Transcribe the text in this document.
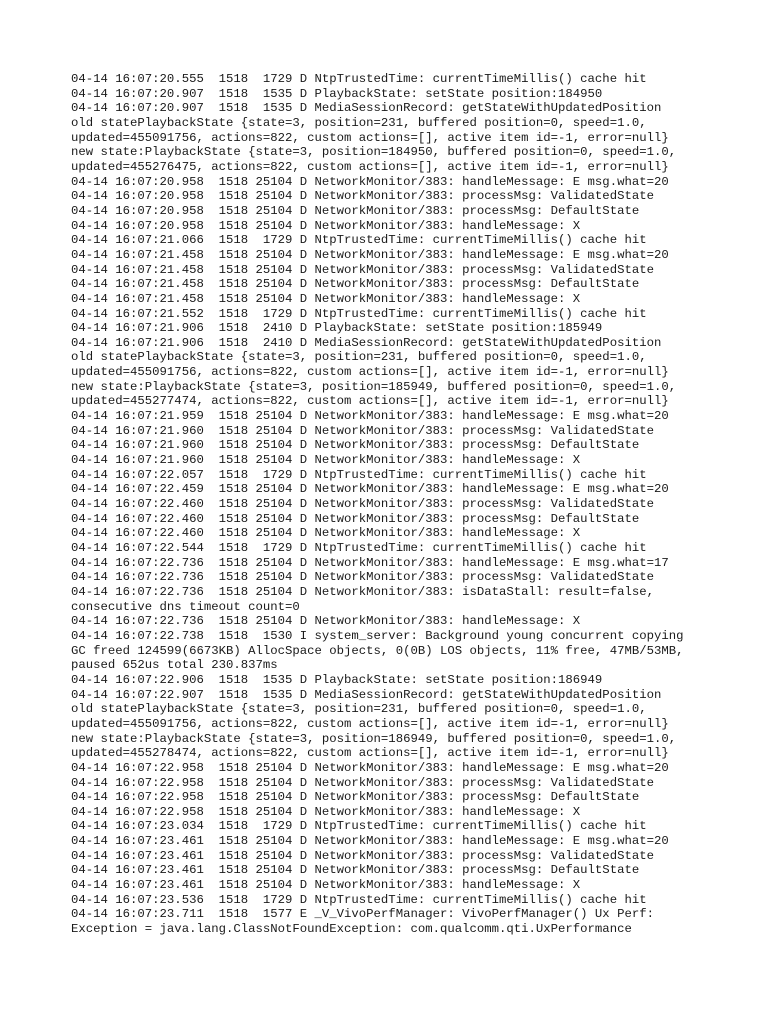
04-14 16:07:20.555  1518  1729 D NtpTrustedTime: currentTimeMillis() cache hit
04-14 16:07:20.907  1518  1535 D PlaybackState: setState position:184950
04-14 16:07:20.907  1518  1535 D MediaSessionRecord: getStateWithUpdatedPosition
old statePlaybackState {state=3, position=231, buffered position=0, speed=1.0,
updated=455091756, actions=822, custom actions=[], active item id=-1, error=null}
new state:PlaybackState {state=3, position=184950, buffered position=0, speed=1.0,
updated=455276475, actions=822, custom actions=[], active item id=-1, error=null}
04-14 16:07:20.958  1518 25104 D NetworkMonitor/383: handleMessage: E msg.what=20
04-14 16:07:20.958  1518 25104 D NetworkMonitor/383: processMsg: ValidatedState
04-14 16:07:20.958  1518 25104 D NetworkMonitor/383: processMsg: DefaultState
04-14 16:07:20.958  1518 25104 D NetworkMonitor/383: handleMessage: X
04-14 16:07:21.066  1518  1729 D NtpTrustedTime: currentTimeMillis() cache hit
04-14 16:07:21.458  1518 25104 D NetworkMonitor/383: handleMessage: E msg.what=20
04-14 16:07:21.458  1518 25104 D NetworkMonitor/383: processMsg: ValidatedState
04-14 16:07:21.458  1518 25104 D NetworkMonitor/383: processMsg: DefaultState
04-14 16:07:21.458  1518 25104 D NetworkMonitor/383: handleMessage: X
04-14 16:07:21.552  1518  1729 D NtpTrustedTime: currentTimeMillis() cache hit
04-14 16:07:21.906  1518  2410 D PlaybackState: setState position:185949
04-14 16:07:21.906  1518  2410 D MediaSessionRecord: getStateWithUpdatedPosition
old statePlaybackState {state=3, position=231, buffered position=0, speed=1.0,
updated=455091756, actions=822, custom actions=[], active item id=-1, error=null}
new state:PlaybackState {state=3, position=185949, buffered position=0, speed=1.0,
updated=455277474, actions=822, custom actions=[], active item id=-1, error=null}
04-14 16:07:21.959  1518 25104 D NetworkMonitor/383: handleMessage: E msg.what=20
04-14 16:07:21.960  1518 25104 D NetworkMonitor/383: processMsg: ValidatedState
04-14 16:07:21.960  1518 25104 D NetworkMonitor/383: processMsg: DefaultState
04-14 16:07:21.960  1518 25104 D NetworkMonitor/383: handleMessage: X
04-14 16:07:22.057  1518  1729 D NtpTrustedTime: currentTimeMillis() cache hit
04-14 16:07:22.459  1518 25104 D NetworkMonitor/383: handleMessage: E msg.what=20
04-14 16:07:22.460  1518 25104 D NetworkMonitor/383: processMsg: ValidatedState
04-14 16:07:22.460  1518 25104 D NetworkMonitor/383: processMsg: DefaultState
04-14 16:07:22.460  1518 25104 D NetworkMonitor/383: handleMessage: X
04-14 16:07:22.544  1518  1729 D NtpTrustedTime: currentTimeMillis() cache hit
04-14 16:07:22.736  1518 25104 D NetworkMonitor/383: handleMessage: E msg.what=17
04-14 16:07:22.736  1518 25104 D NetworkMonitor/383: processMsg: ValidatedState
04-14 16:07:22.736  1518 25104 D NetworkMonitor/383: isDataStall: result=false,
consecutive dns timeout count=0
04-14 16:07:22.736  1518 25104 D NetworkMonitor/383: handleMessage: X
04-14 16:07:22.738  1518  1530 I system_server: Background young concurrent copying
GC freed 124599(6673KB) AllocSpace objects, 0(0B) LOS objects, 11% free, 47MB/53MB,
paused 652us total 230.837ms
04-14 16:07:22.906  1518  1535 D PlaybackState: setState position:186949
04-14 16:07:22.907  1518  1535 D MediaSessionRecord: getStateWithUpdatedPosition
old statePlaybackState {state=3, position=231, buffered position=0, speed=1.0,
updated=455091756, actions=822, custom actions=[], active item id=-1, error=null}
new state:PlaybackState {state=3, position=186949, buffered position=0, speed=1.0,
updated=455278474, actions=822, custom actions=[], active item id=-1, error=null}
04-14 16:07:22.958  1518 25104 D NetworkMonitor/383: handleMessage: E msg.what=20
04-14 16:07:22.958  1518 25104 D NetworkMonitor/383: processMsg: ValidatedState
04-14 16:07:22.958  1518 25104 D NetworkMonitor/383: processMsg: DefaultState
04-14 16:07:22.958  1518 25104 D NetworkMonitor/383: handleMessage: X
04-14 16:07:23.034  1518  1729 D NtpTrustedTime: currentTimeMillis() cache hit
04-14 16:07:23.461  1518 25104 D NetworkMonitor/383: handleMessage: E msg.what=20
04-14 16:07:23.461  1518 25104 D NetworkMonitor/383: processMsg: ValidatedState
04-14 16:07:23.461  1518 25104 D NetworkMonitor/383: processMsg: DefaultState
04-14 16:07:23.461  1518 25104 D NetworkMonitor/383: handleMessage: X
04-14 16:07:23.536  1518  1729 D NtpTrustedTime: currentTimeMillis() cache hit
04-14 16:07:23.711  1518  1577 E _V_VivoPerfManager: VivoPerfManager() Ux Perf:
Exception = java.lang.ClassNotFoundException: com.qualcomm.qti.UxPerformance
